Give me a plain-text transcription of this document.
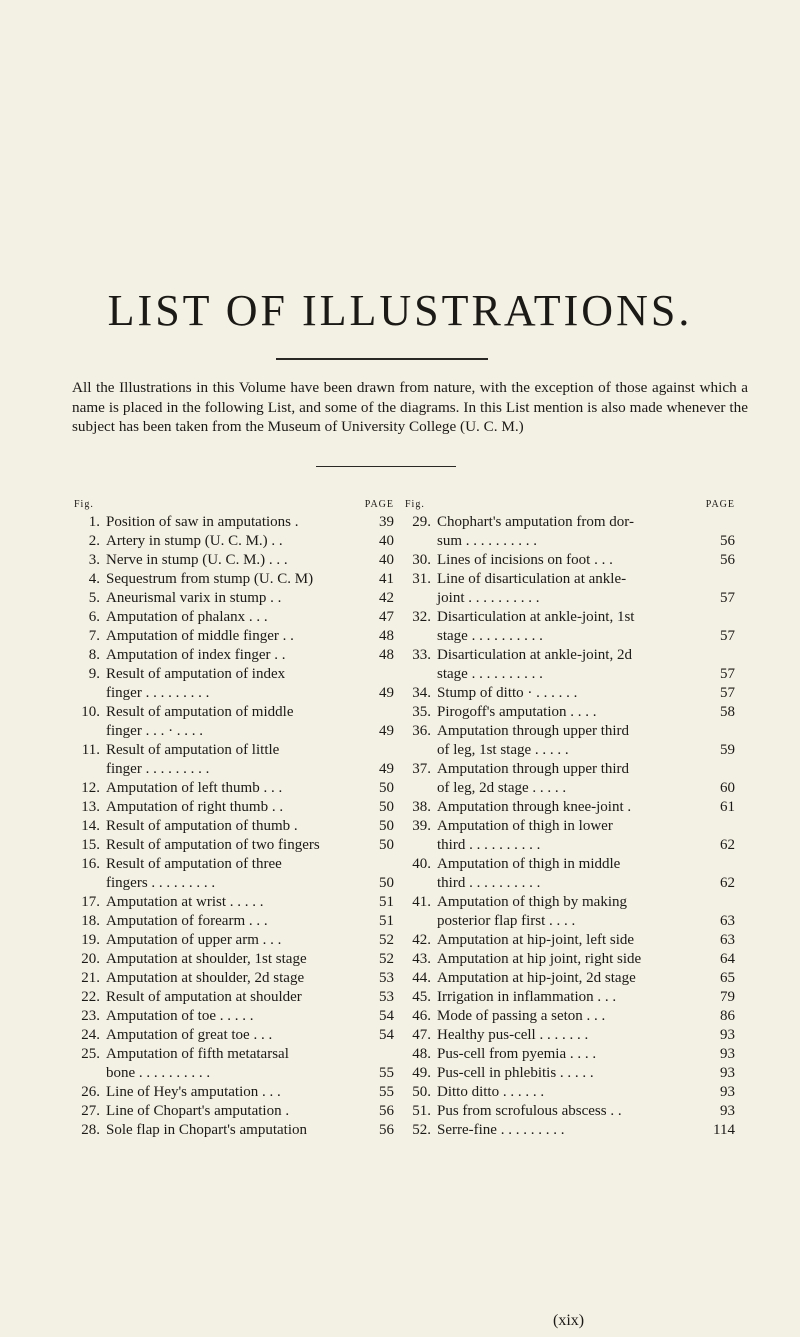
LIST OF ILLUSTRATIONS.
All the Illustrations in this Volume have been drawn from nature, with the exception of those against which a name is placed in the following List, and some of the diagrams. In this List mention is also made whenever the subject has been taken from the Museum of University College (U. C. M.)
Fig.	PAGE
1. Position of saw in amputations .	39
2. Artery in stump (U. C. M.) . .	40
3. Nerve in stump (U. C. M.) . . .	40
4. Sequestrum from stump (U. C. M)	41
5. Aneurismal varix in stump . .	42
6. Amputation of phalanx . . .	47
7. Amputation of middle finger . .	48
8. Amputation of index finger . .	48
9. Result of amputation of index
finger . . . . . . . . .	49
10. Result of amputation of middle
finger . . . · . . . .	49
11. Result of amputation of little
finger . . . . . . . . .	49
12. Amputation of left thumb . . .	50
13. Amputation of right thumb . .	50
14. Result of amputation of thumb .	50
15. Result of amputation of two fingers	50
16. Result of amputation of three
fingers . . . . . . . . .	50
17. Amputation at wrist . . . . .	51
18. Amputation of forearm . . .	51
19. Amputation of upper arm . . .	52
20. Amputation at shoulder, 1st stage	52
21. Amputation at shoulder, 2d stage	53
22. Result of amputation at shoulder	53
23. Amputation of toe . . . . .	54
24. Amputation of great toe . . .	54
25. Amputation of fifth metatarsal
bone . . . . . . . . . .	55
26. Line of Hey's amputation . . .	55
27. Line of Chopart's amputation .	56
28. Sole flap in Chopart's amputation	56
Fig.	PAGE
29. Chophart's amputation from dor-
sum . . . . . . . . . .	56
30. Lines of incisions on foot . . .	56
31. Line of disarticulation at ankle-
joint . . . . . . . . . .	57
32. Disarticulation at ankle-joint, 1st
stage . . . . . . . . . .	57
33. Disarticulation at ankle-joint, 2d
stage . . . . . . . . . .	57
34. Stump of ditto · . . . . . .	57
35. Pirogoff's amputation . . . .	58
36. Amputation through upper third
of leg, 1st stage . . . . .	59
37. Amputation through upper third
of leg, 2d stage . . . . .	60
38. Amputation through knee-joint .	61
39. Amputation of thigh in lower
third . . . . . . . . . .	62
40. Amputation of thigh in middle
third . . . . . . . . . .	62
41. Amputation of thigh by making
posterior flap first . . . .	63
42. Amputation at hip-joint, left side	63
43. Amputation at hip joint, right side	64
44. Amputation at hip-joint, 2d stage	65
45. Irrigation in inflammation . . .	79
46. Mode of passing a seton . . .	86
47. Healthy pus-cell . . . . . . .	93
48. Pus-cell from pyemia . . . .	93
49. Pus-cell in phlebitis . . . . .	93
50. Ditto ditto . . . . . .	93
51. Pus from scrofulous abscess . .	93
52. Serre-fine . . . . . . . . .	114
(xix)
